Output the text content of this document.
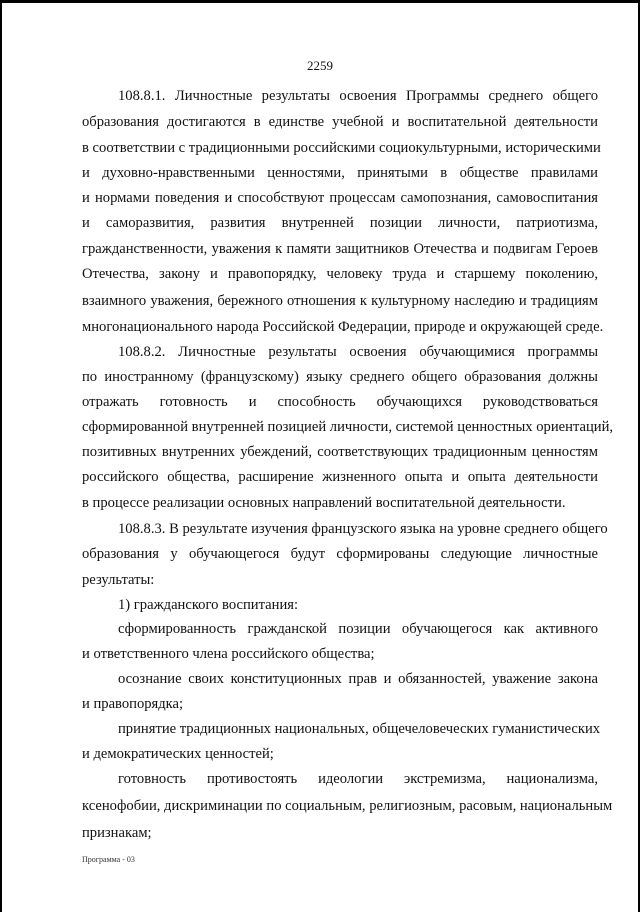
2259
108.8.1. Личностные результаты освоения Программы среднего общего
образования достигаются в единстве учебной и воспитательной деятельности
в соответствии с традиционными российскими социокультурными, историческими
и духовно-нравственными ценностями, принятыми в обществе правилами
и нормами поведения и способствуют процессам самопознания, самовоспитания
и саморазвития, развития внутренней позиции личности, патриотизма,
гражданственности, уважения к памяти защитников Отечества и подвигам Героев
Отечества, закону и правопорядку, человеку труда и старшему поколению,
взаимного уважения, бережного отношения к культурному наследию и традициям
многонационального народа Российской Федерации, природе и окружающей среде.
108.8.2. Личностные результаты освоения обучающимися программы
по иностранному (французскому) языку среднего общего образования должны
отражать готовность и способность обучающихся руководствоваться
сформированной внутренней позицией личности, системой ценностных ориентаций,
позитивных внутренних убеждений, соответствующих традиционным ценностям
российского общества, расширение жизненного опыта и опыта деятельности
в процессе реализации основных направлений воспитательной деятельности.
108.8.3. В результате изучения французского языка на уровне среднего общего
образования у обучающегося будут сформированы следующие личностные
результаты:
1) гражданского воспитания:
сформированность гражданской позиции обучающегося как активного
и ответственного члена российского общества;
осознание своих конституционных прав и обязанностей, уважение закона
и правопорядка;
принятие традиционных национальных, общечеловеческих гуманистических
и демократических ценностей;
готовность противостоять идеологии экстремизма, национализма,
ксенофобии, дискриминации по социальным, религиозным, расовым, национальным
признакам;
Программа - 03
